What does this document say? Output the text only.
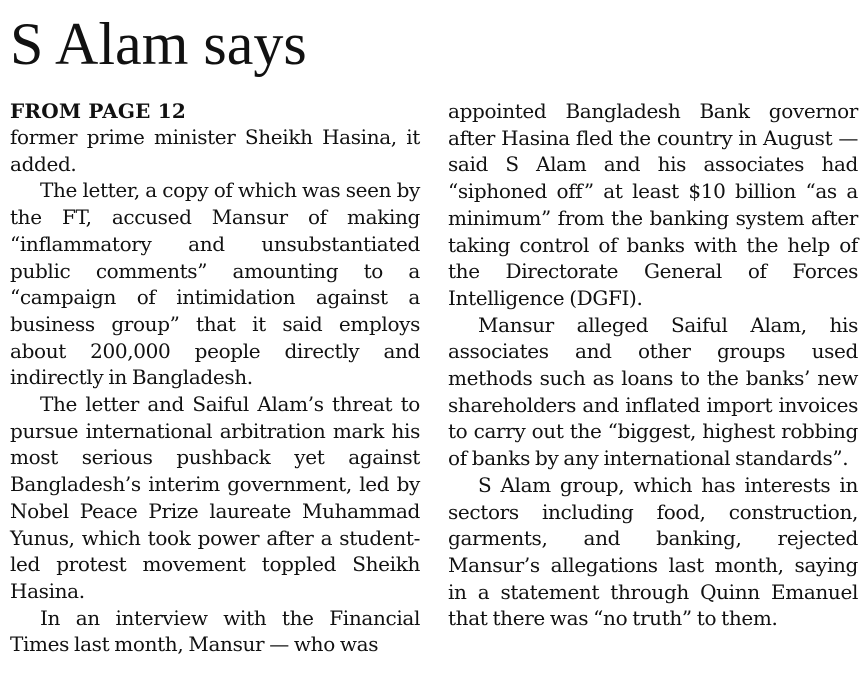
S Alam says
FROM PAGE 12

former prime minister Sheikh Hasina, it added.

The letter, a copy of which was seen by the FT, accused Mansur of making “inflammatory and unsubstantiated public comments” amounting to a “campaign of intimidation against a business group” that it said employs about 200,000 people directly and indirectly in Bangladesh.

The letter and Saiful Alam’s threat to pursue international arbitration mark his most serious pushback yet against Bangladesh’s interim government, led by Nobel Peace Prize laureate Muhammad Yunus, which took power after a student-led protest movement toppled Sheikh Hasina.

In an interview with the Financial Times last month, Mansur — who was

appointed Bangladesh Bank governor after Hasina fled the country in August — said S Alam and his associates had “siphoned off” at least $10 billion “as a minimum” from the banking system after taking control of banks with the help of the Directorate General of Forces Intelligence (DGFI).

Mansur alleged Saiful Alam, his associates and other groups used methods such as loans to the banks’ new shareholders and inflated import invoices to carry out the “biggest, highest robbing of banks by any international standards”.

S Alam group, which has interests in sectors including food, construction, garments, and banking, rejected Mansur’s allegations last month, saying in a statement through Quinn Emanuel that there was “no truth” to them.
